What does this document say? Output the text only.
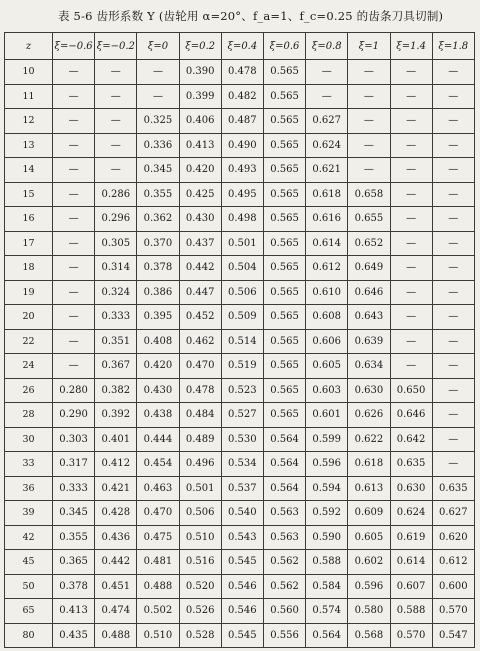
表 5-6 齿形系数 Y (齿轮用 α=20°、f_a=1、f_c=0.25 的齿条刀具切制)
z	ξ=−0.6	ξ=−0.2	ξ=0	ξ=0.2	ξ=0.4	ξ=0.6	ξ=0.8	ξ=1	ξ=1.4	ξ=1.8
10	—	—	—	0.390	0.478	0.565	—	—	—	—
11	—	—	—	0.399	0.482	0.565	—	—	—	—
12	—	—	0.325	0.406	0.487	0.565	0.627	—	—	—
13	—	—	0.336	0.413	0.490	0.565	0.624	—	—	—
14	—	—	0.345	0.420	0.493	0.565	0.621	—	—	—
15	—	0.286	0.355	0.425	0.495	0.565	0.618	0.658	—	—
16	—	0.296	0.362	0.430	0.498	0.565	0.616	0.655	—	—
17	—	0.305	0.370	0.437	0.501	0.565	0.614	0.652	—	—
18	—	0.314	0.378	0.442	0.504	0.565	0.612	0.649	—	—
19	—	0.324	0.386	0.447	0.506	0.565	0.610	0.646	—	—
20	—	0.333	0.395	0.452	0.509	0.565	0.608	0.643	—	—
22	—	0.351	0.408	0.462	0.514	0.565	0.606	0.639	—	—
24	—	0.367	0.420	0.470	0.519	0.565	0.605	0.634	—	—
26	0.280	0.382	0.430	0.478	0.523	0.565	0.603	0.630	0.650	—
28	0.290	0.392	0.438	0.484	0.527	0.565	0.601	0.626	0.646	—
30	0.303	0.401	0.444	0.489	0.530	0.564	0.599	0.622	0.642	—
33	0.317	0.412	0.454	0.496	0.534	0.564	0.596	0.618	0.635	—
36	0.333	0.421	0.463	0.501	0.537	0.564	0.594	0.613	0.630	0.635
39	0.345	0.428	0.470	0.506	0.540	0.563	0.592	0.609	0.624	0.627
42	0.355	0.436	0.475	0.510	0.543	0.563	0.590	0.605	0.619	0.620
45	0.365	0.442	0.481	0.516	0.545	0.562	0.588	0.602	0.614	0.612
50	0.378	0.451	0.488	0.520	0.546	0.562	0.584	0.596	0.607	0.600
65	0.413	0.474	0.502	0.526	0.546	0.560	0.574	0.580	0.588	0.570
80	0.435	0.488	0.510	0.528	0.545	0.556	0.564	0.568	0.570	0.547
